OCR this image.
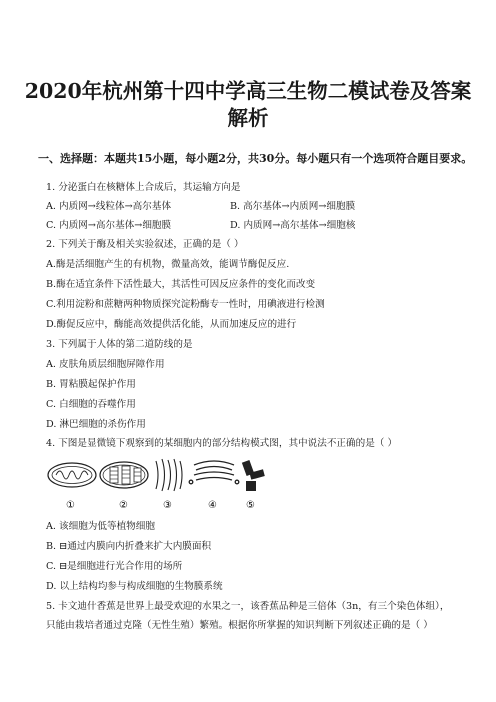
2020年杭州第十四中学高三生物二模试卷及答案
解析
一、选择题：本题共15小题，每小题2分，共30分。每小题只有一个选项符合题目要求。
1. 分泌蛋白在核糖体上合成后，其运输方向是
A. 内质网→线粒体→高尔基体	B. 高尔基体→内质网→细胞膜
C. 内质网→高尔基体→细胞膜	D. 内质网→高尔基体→细胞核
2. 下列关于酶及相关实验叙述，正确的是（ ）
A.酶是活细胞产生的有机物，微量高效，能调节酶促反应.
B.酶在适宜条件下活性最大，其活性可因反应条件的变化而改变
C.利用淀粉和蔗糖两种物质探究淀粉酶专一性时，用碘液进行检测
D.酶促反应中，酶能高效提供活化能，从而加速反应的进行
3. 下列属于人体的第二道防线的是
A. 皮肤角质层细胞屏障作用
B. 胃粘膜起保护作用
C. 白细胞的吞噬作用
D. 淋巴细胞的杀伤作用
4. 下图是显微镜下观察到的某细胞内的部分结构模式图，其中说法不正确的是（ ）
①	②	③	④	⑤
A. 该细胞为低等植物细胞
B. ⊟通过内膜向内折叠来扩大内膜面积
C. ⊟是细胞进行光合作用的场所
D. 以上结构均参与构成细胞的生物膜系统
5. 卡文迪什香蕉是世界上最受欢迎的水果之一，该香蕉品种是三倍体（3n，有三个染色体组），只能由栽培者通过克隆（无性生殖）繁殖。根据你所掌握的知识判断下列叙述正确的是（ ）
